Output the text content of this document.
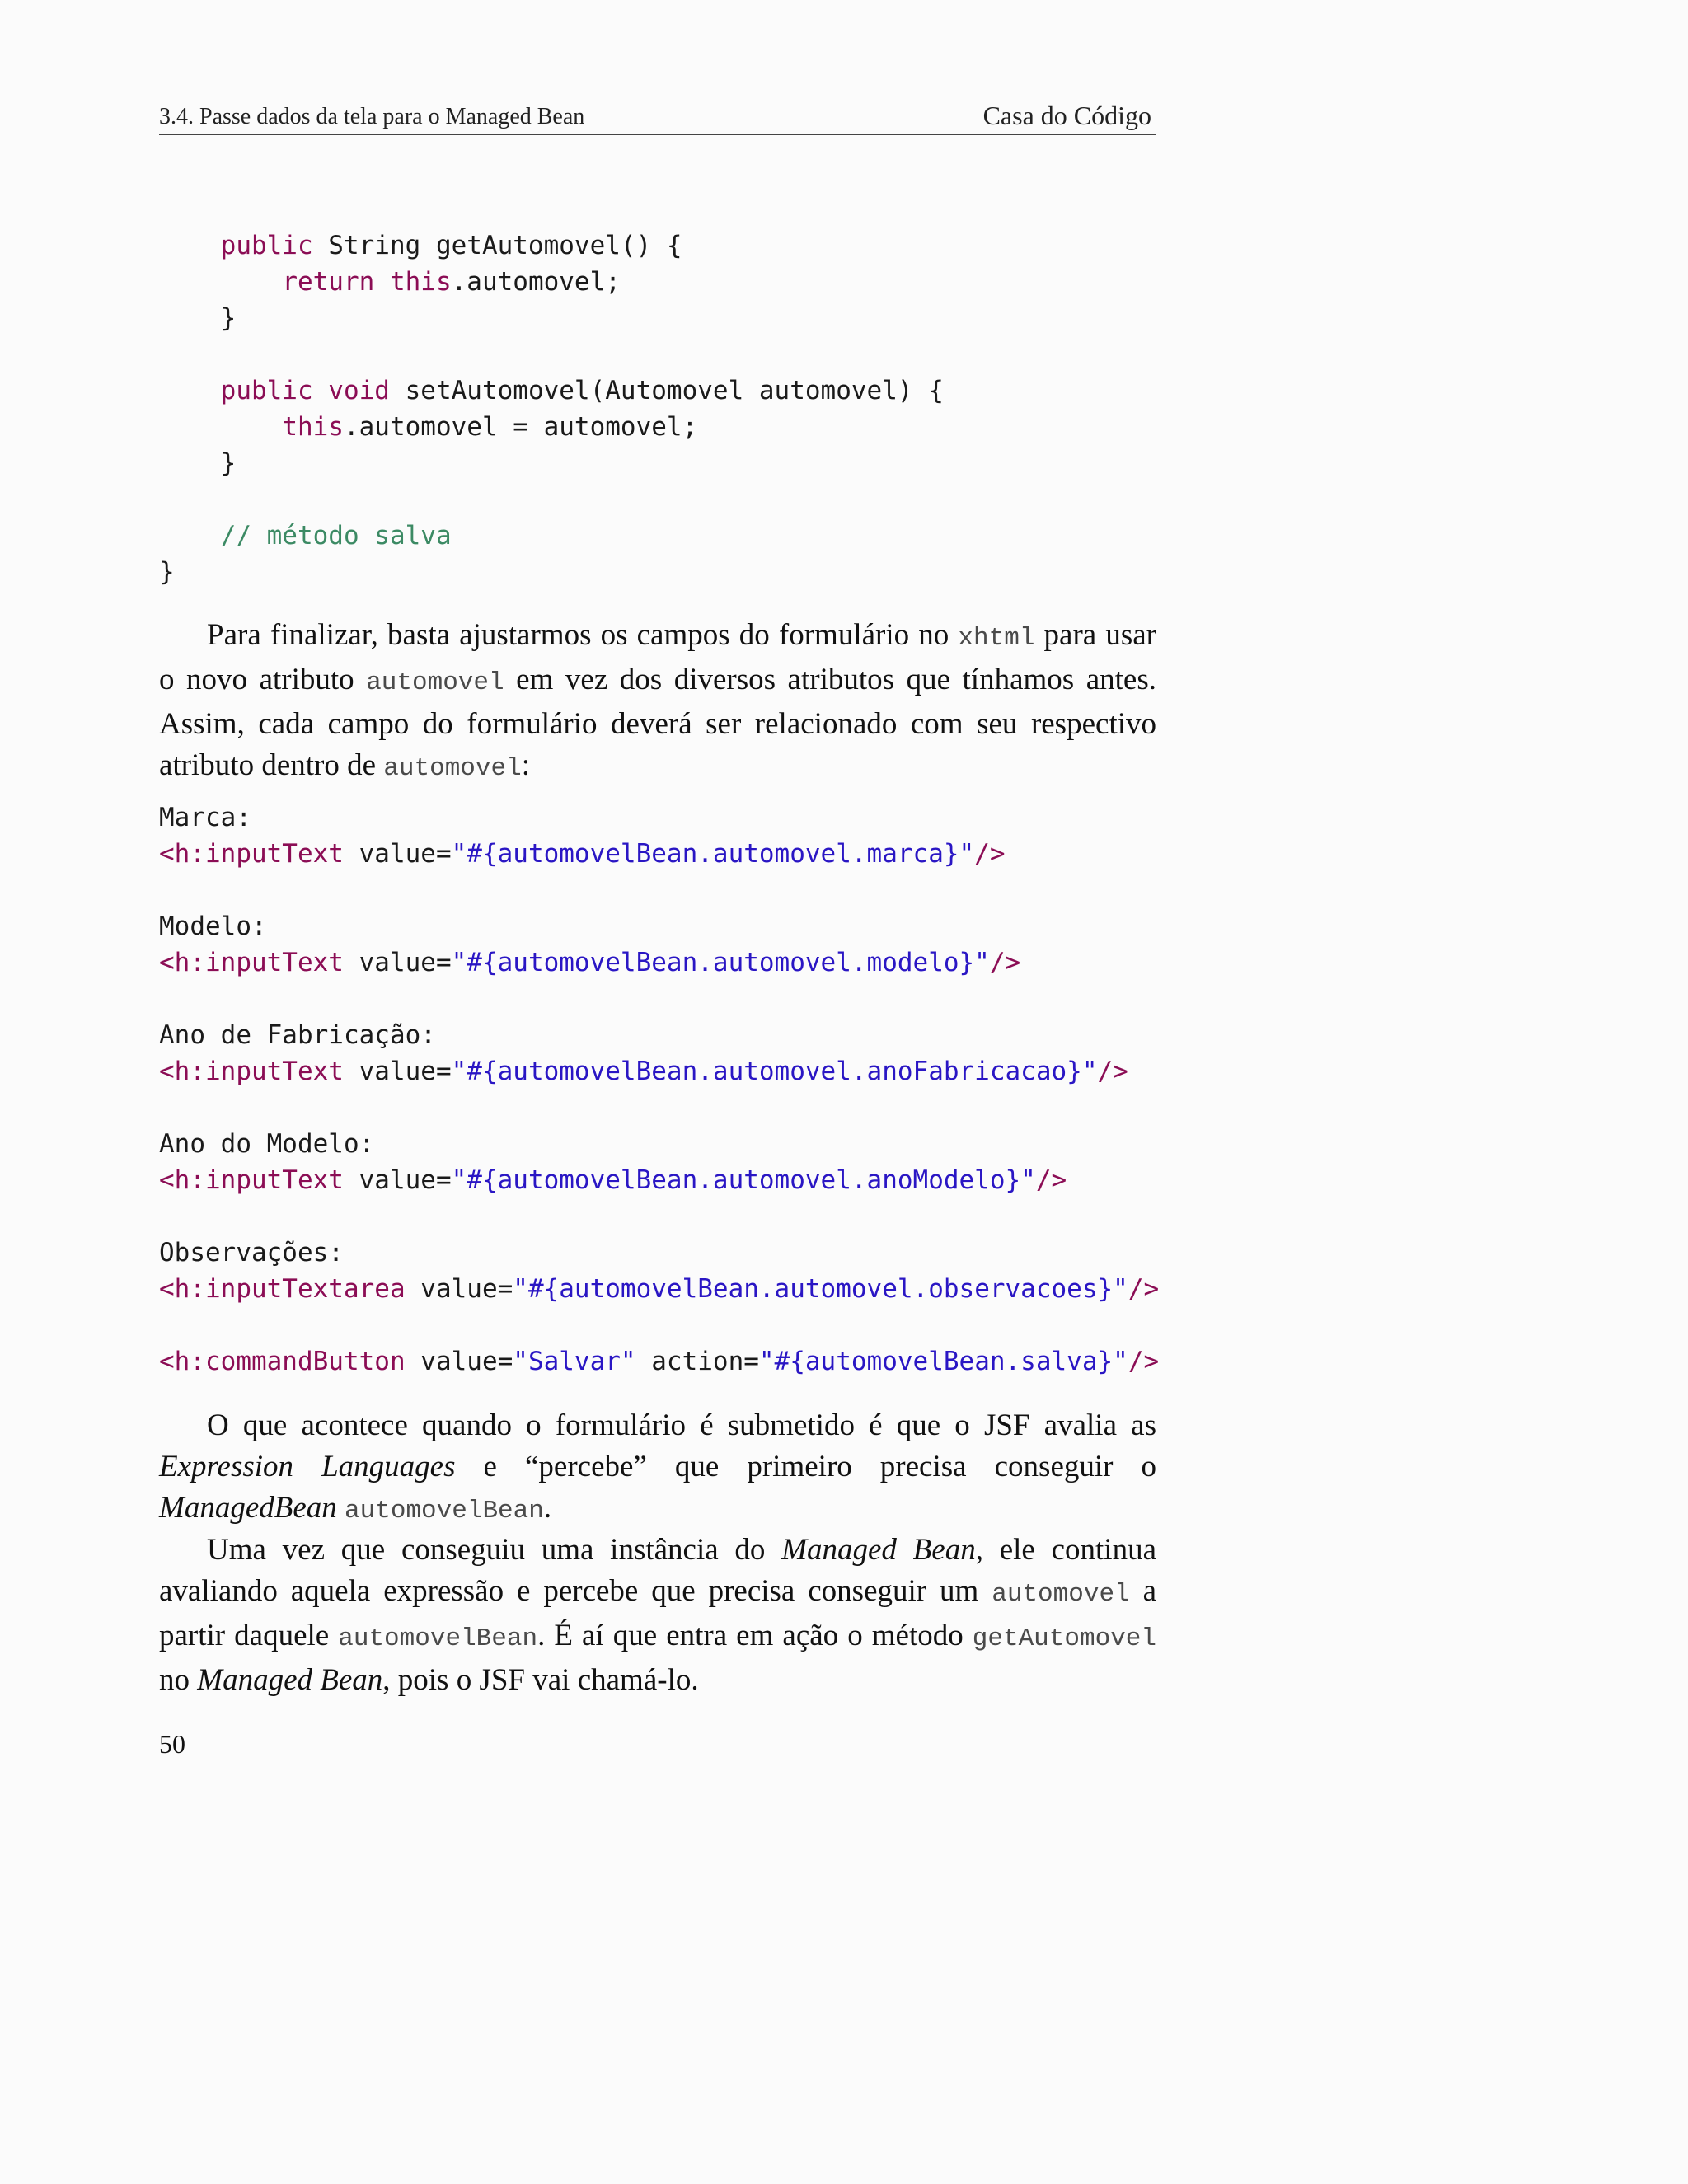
3.4. Passe dados da tela para o Managed Bean	Casa do Código
public String getAutomovel() {
return this.automovel;
}

public void setAutomovel(Automovel automovel) {
this.automovel = automovel;
}

// método salva
}

Para finalizar, basta ajustarmos os campos do formulário no xhtml para usar o novo atributo automovel em vez dos diversos atributos que tínhamos antes. Assim, cada campo do formulário deverá ser relacionado com seu respectivo atributo dentro de automovel:

Marca:
<h:inputText value="#{automovelBean.automovel.marca}"/>

Modelo:
<h:inputText value="#{automovelBean.automovel.modelo}"/>

Ano de Fabricação:
<h:inputText value="#{automovelBean.automovel.anoFabricacao}"/>

Ano do Modelo:
<h:inputText value="#{automovelBean.automovel.anoModelo}"/>

Observações:
<h:inputTextarea value="#{automovelBean.automovel.observacoes}"/>

<h:commandButton value="Salvar" action="#{automovelBean.salva}"/>

O que acontece quando o formulário é submetido é que o JSF avalia as Expression Languages e “percebe” que primeiro precisa conseguir o ManagedBean automovelBean.

Uma vez que conseguiu uma instância do Managed Bean, ele continua avaliando aquela expressão e percebe que precisa conseguir um automovel a partir daquele automovelBean. É aí que entra em ação o método getAutomovel no Managed Bean, pois o JSF vai chamá-lo.

50
